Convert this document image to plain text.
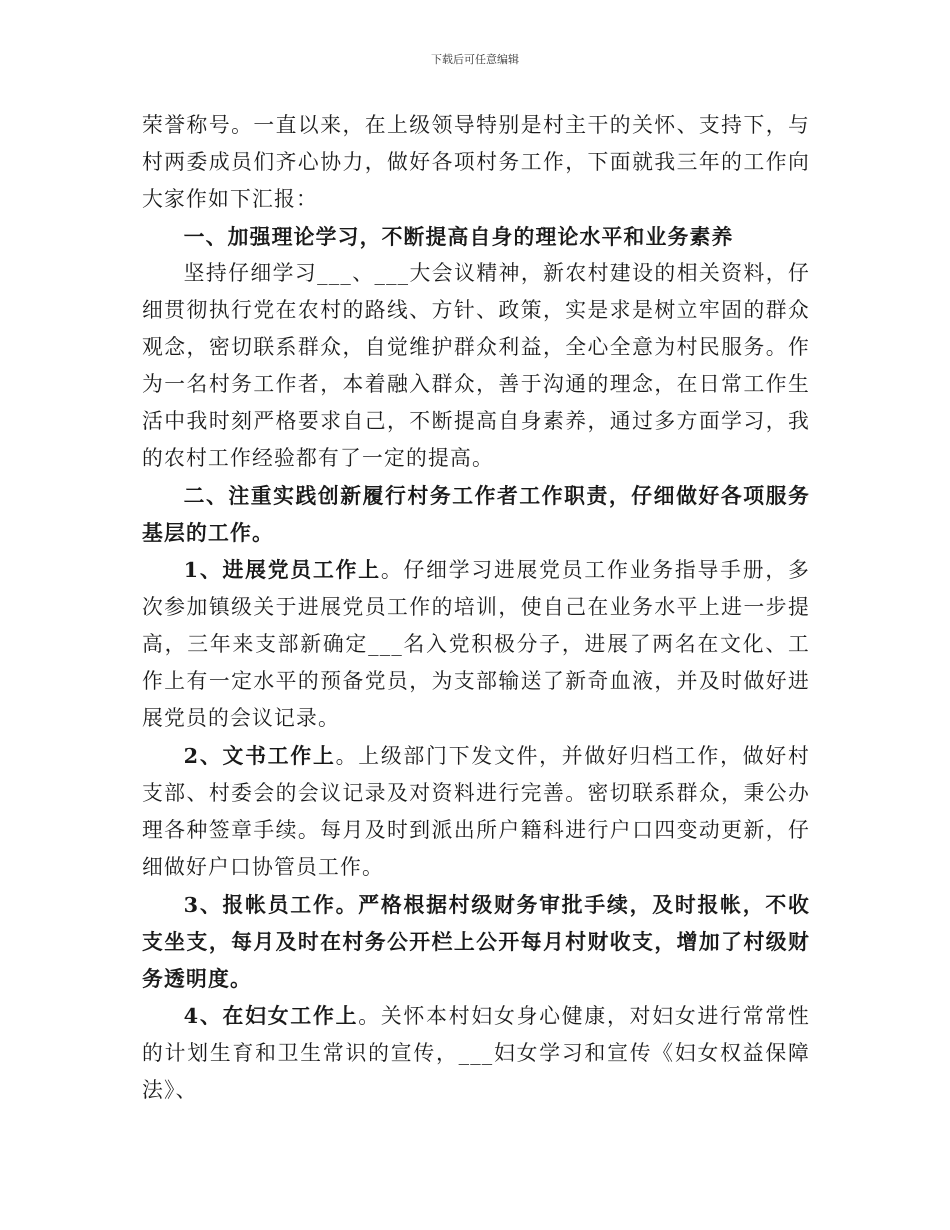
下载后可任意编辑

荣誉称号。一直以来，在上级领导特别是村主干的关怀、支持下，与村两委成员们齐心协力，做好各项村务工作，下面就我三年的工作向大家作如下汇报：

一、加强理论学习，不断提高自身的理论水平和业务素养

坚持仔细学习___、___大会议精神，新农村建设的相关资料，仔细贯彻执行党在农村的路线、方针、政策，实是求是树立牢固的群众观念，密切联系群众，自觉维护群众利益，全心全意为村民服务。作为一名村务工作者，本着融入群众，善于沟通的理念，在日常工作生活中我时刻严格要求自己，不断提高自身素养，通过多方面学习，我的农村工作经验都有了一定的提高。

二、注重实践创新履行村务工作者工作职责，仔细做好各项服务基层的工作。

1、进展党员工作上。仔细学习进展党员工作业务指导手册，多次参加镇级关于进展党员工作的培训，使自己在业务水平上进一步提高，三年来支部新确定___名入党积极分子，进展了两名在文化、工作上有一定水平的预备党员，为支部输送了新奇血液，并及时做好进展党员的会议记录。

2、文书工作上。上级部门下发文件，并做好归档工作，做好村支部、村委会的会议记录及对资料进行完善。密切联系群众，秉公办理各种签章手续。每月及时到派出所户籍科进行户口四变动更新，仔细做好户口协管员工作。

3、报帐员工作。严格根据村级财务审批手续，及时报帐，不收支坐支，每月及时在村务公开栏上公开每月村财收支，增加了村级财务透明度。

4、在妇女工作上。关怀本村妇女身心健康，对妇女进行常常性的计划生育和卫生常识的宣传，___妇女学习和宣传《妇女权益保障法》、
